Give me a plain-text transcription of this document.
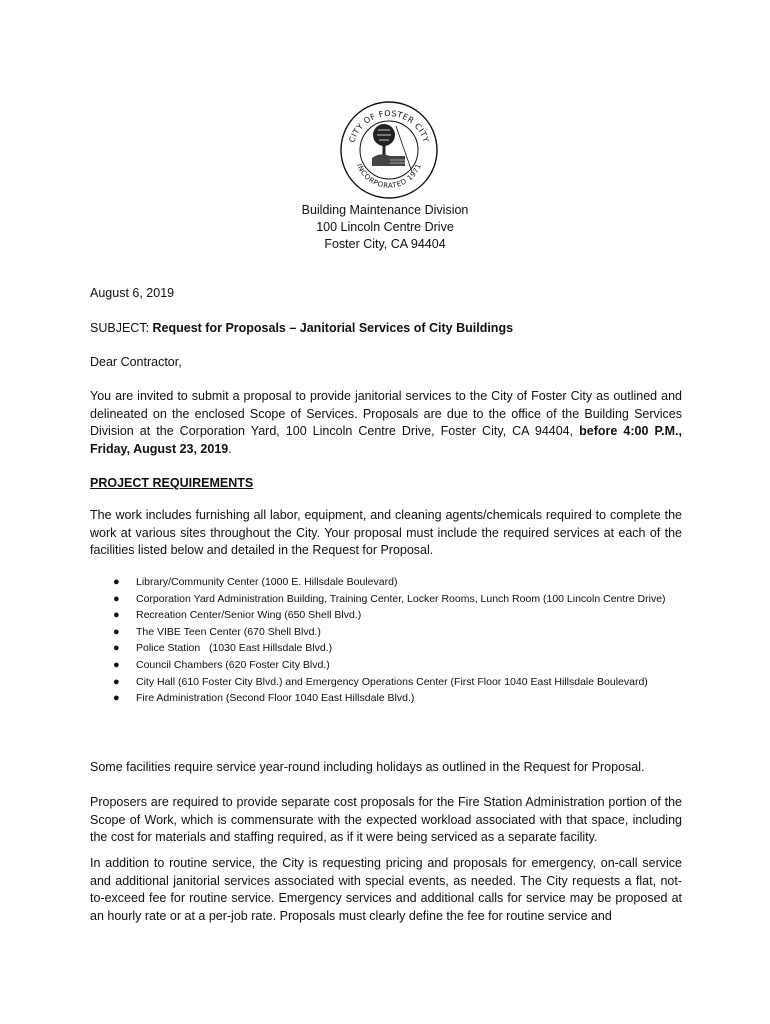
CITY OF FOSTER CITY
INCORPORATED 1971
Building Maintenance Division
100 Lincoln Centre Drive
Foster City, CA 94404
August 6, 2019
SUBJECT: Request for Proposals – Janitorial Services of City Buildings
Dear Contractor,
You are invited to submit a proposal to provide janitorial services to the City of Foster City as outlined and delineated on the enclosed Scope of Services. Proposals are due to the office of the Building Services Division at the Corporation Yard, 100 Lincoln Centre Drive, Foster City, CA 94404, before 4:00 P.M., Friday, August 23, 2019.
PROJECT REQUIREMENTS
The work includes furnishing all labor, equipment, and cleaning agents/chemicals required to complete the work at various sites throughout the City. Your proposal must include the required services at each of the facilities listed below and detailed in the Request for Proposal.
● Library/Community Center (1000 E. Hillsdale Boulevard)
● Corporation Yard Administration Building, Training Center, Locker Rooms, Lunch Room (100 Lincoln Centre Drive)
● Recreation Center/Senior Wing (650 Shell Blvd.)
● The VIBE Teen Center (670 Shell Blvd.)
● Police Station   (1030 East Hillsdale Blvd.)
● Council Chambers (620 Foster City Blvd.)
● City Hall (610 Foster City Blvd.) and Emergency Operations Center (First Floor 1040 East Hillsdale Boulevard)
● Fire Administration (Second Floor 1040 East Hillsdale Blvd.)
Some facilities require service year-round including holidays as outlined in the Request for Proposal.
Proposers are required to provide separate cost proposals for the Fire Station Administration portion of the Scope of Work, which is commensurate with the expected workload associated with that space, including the cost for materials and staffing required, as if it were being serviced as a separate facility.
In addition to routine service, the City is requesting pricing and proposals for emergency, on-call service and additional janitorial services associated with special events, as needed. The City requests a flat, not-to-exceed fee for routine service. Emergency services and additional calls for service may be proposed at an hourly rate or at a per-job rate. Proposals must clearly define the fee for routine service and
